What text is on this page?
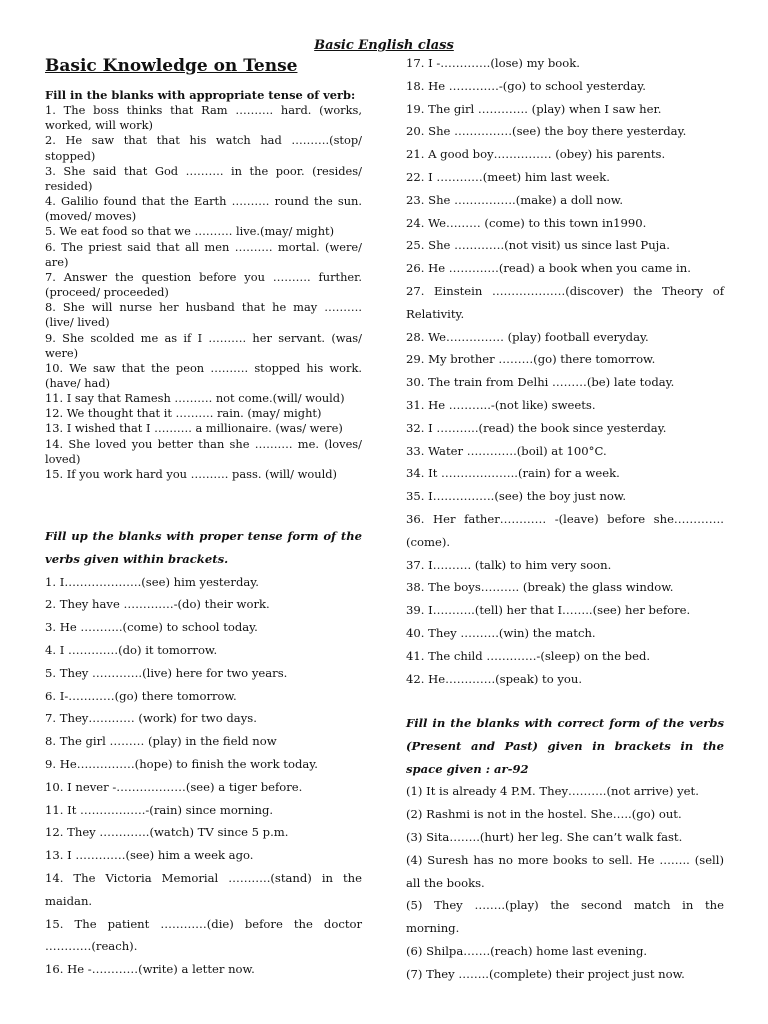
Basic English class
Basic Knowledge on Tense

Fill in the blanks with appropriate tense of verb:

1. The boss thinks that Ram ………. hard. (works, worked, will work)

2. He saw that that his watch had ……….(stop/ stopped)

3. She said that God ………. in the poor. (resides/ resided)

4. Galilio found that the Earth ………. round the sun. (moved/ moves)

5. We eat food so that we ………. live.(may/ might)

6. The priest said that all men ………. mortal. (were/ are)

7. Answer the question before you ………. further. (proceed/ proceeded)

8. She will nurse her husband that he may ………. (live/ lived)

9. She scolded me as if I ………. her servant. (was/ were)

10. We saw that the peon ………. stopped his work. (have/ had)

11. I say that Ramesh ………. not come.(will/ would)

12. We thought that it ………. rain. (may/ might)

13. I wished that I ………. a millionaire. (was/ were)

14. She loved you better than she ………. me. (loves/ loved)

15. If you work hard you ………. pass. (will/ would)

Fill up the blanks with proper tense form of the verbs given within brackets.

1. I………………..(see) him yesterday.

2. They have ………….-(do) their work.

3. He ………..(come) to school today.

4. I ………….(do) it tomorrow.

5. They ………….(live) here for two years.

6. I-…………(go) there tomorrow.

7. They………… (work) for two days.

8. The girl ……… (play) in the field now

9. He……………(hope) to finish the work today.

10. I never -………………(see) a tiger before.

11. It ……………..-(rain) since morning.

12. They ………….(watch) TV since 5 p.m.

13. I ………….(see) him a week ago.

14. The Victoria Memorial ………..(stand) in the maidan.

15. The patient …………(die) before the doctor …………(reach).

16. He -…………(write) a letter now.

17. I -………….(lose) my book.

18. He ………….-(go) to school yesterday.

19. The girl …………. (play) when I saw her.

20. She ……………(see) the boy there yesterday.

21. A good boy…………… (obey) his parents.

22. I …………(meet) him last week.

23. She …………….(make) a doll now.

24. We……… (come) to this town in1990.

25. She ………….(not visit) us since last Puja.

26. He ………….(read) a book when you came in.

27. Einstein ……………….(discover) the Theory of Relativity.

28. We…………… (play) football everyday.

29. My brother ………(go) there tomorrow.

30. The train from Delhi ………(be) late today.

31. He ………..-(not like) sweets.

32. I ………..(read) the book since yesterday.

33. Water ………….(boil) at 100°C.

34. It ………………..(rain) for a week.

35. I…………….(see) the boy just now.

36. Her father………… -(leave) before she………….(come).

37. I………. (talk) to him very soon.

38. The boys………. (break) the glass window.

39. I………..(tell) her that I……..(see) her before.

40. They ……….(win) the match.

41. The child ………….-(sleep) on the bed.

42. He………….(speak) to you.

Fill in the blanks with correct form of the verbs (Present and Past) given in brackets in the space given : ar-92

(1) It is already 4 P.M. They……….(not arrive) yet.

(2) Rashmi is not in the hostel. She…..(go) out.

(3) Sita……..(hurt) her leg. She can’t walk fast.

(4) Suresh has no more books to sell. He …….. (sell) all the books.

(5) They ……..(play) the second match in the morning.

(6) Shilpa…….(reach) home last evening.

(7) They ……..(complete) their project just now.
